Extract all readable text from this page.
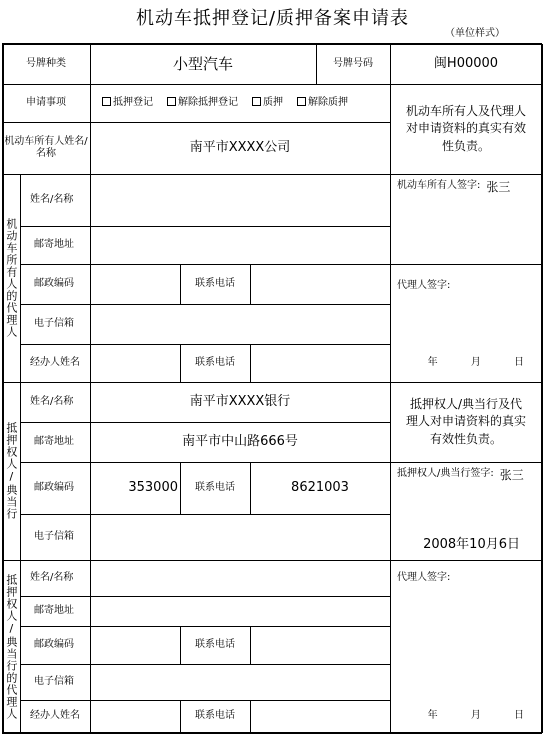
机动车抵押登记/质押备案申请表
（单位样式）
号牌种类	小型汽车	号牌号码	闽H00000
申请事项	抵押登记	解除抵押登记	质押	解除质押
机动车所有人及代理人对申请资料的真实有效性负责。
机动车所有人姓名/名称	南平市XXXX公司
机动车所有人的代理人
姓名/名称
邮寄地址
邮政编码	联系电话
电子信箱
经办人姓名	联系电话
机动车所有人签字: 张三
代理人签字:
年 月 日
抵押权人/典当行
姓名/名称	南平市XXXX银行
邮寄地址	南平市中山路666号
邮政编码	353000	联系电话	8621003
电子信箱
抵押权人/典当行及代理人对申请资料的真实有效性负责。
抵押权人/典当行签字: 张三
2008年10月6日
抵押权人/典当行的代理人	姓名/名称
邮寄地址
邮政编码	联系电话
电子信箱
经办人姓名	联系电话
代理人签字:
年 月 日
